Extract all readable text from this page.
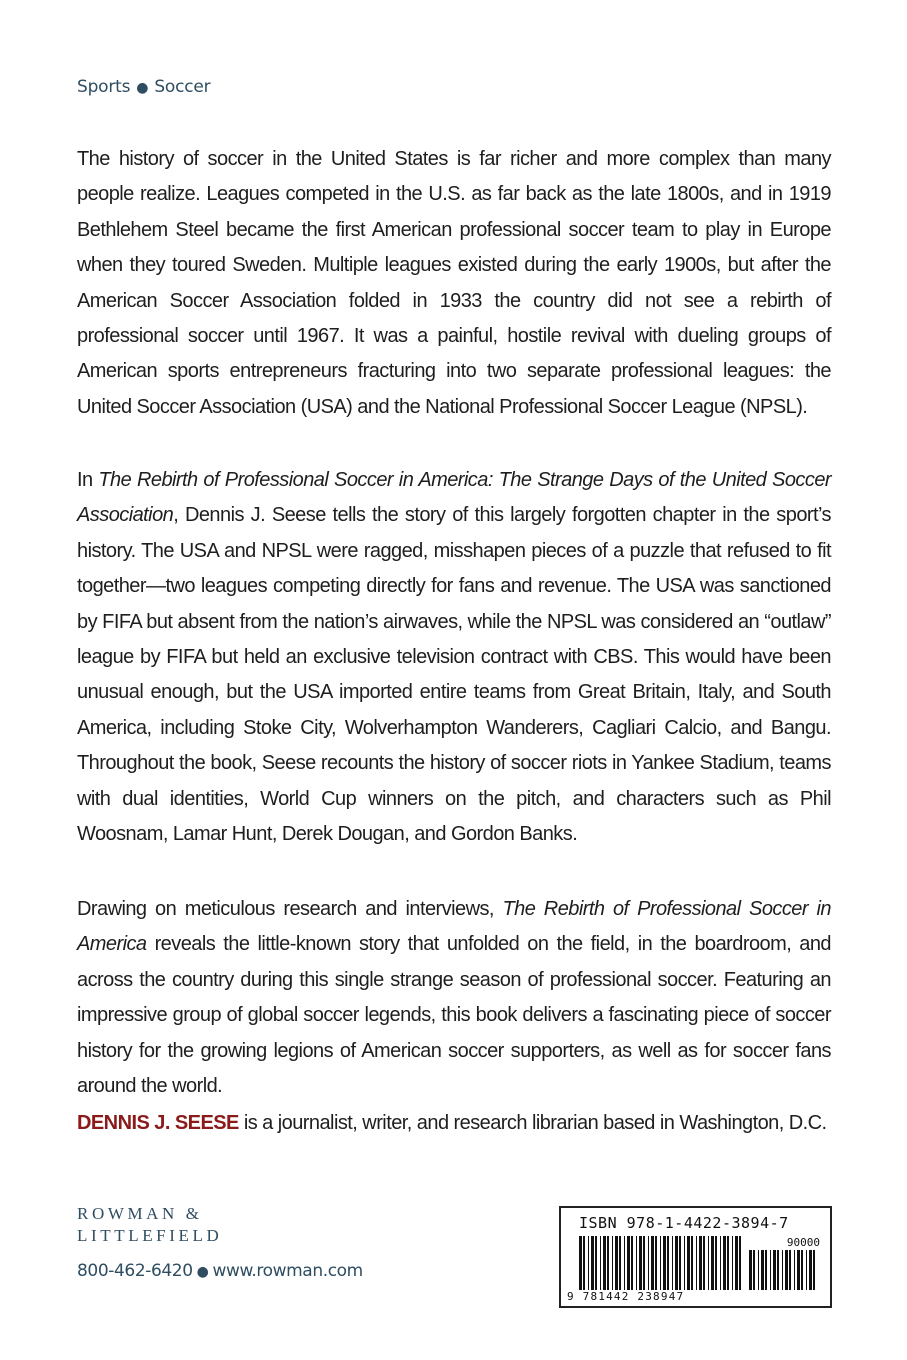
Sports ● Soccer

The history of soccer in the United States is far richer and more complex than many people realize. Leagues competed in the U.S. as far back as the late 1800s, and in 1919 Bethlehem Steel became the first American professional soccer team to play in Europe when they toured Sweden. Multiple leagues existed during the early 1900s, but after the American Soccer Association folded in 1933 the country did not see a rebirth of professional soccer until 1967. It was a painful, hostile revival with dueling groups of American sports entrepreneurs fracturing into two separate professional leagues: the United Soccer Association (USA) and the National Professional Soccer League (NPSL).

In The Rebirth of Professional Soccer in America: The Strange Days of the United Soccer Association, Dennis J. Seese tells the story of this largely forgotten chapter in the sport’s history. The USA and NPSL were ragged, misshapen pieces of a puzzle that refused to fit together—two leagues competing directly for fans and revenue. The USA was sanctioned by FIFA but absent from the nation’s airwaves, while the NPSL was considered an “outlaw” league by FIFA but held an exclusive television contract with CBS. This would have been unusual enough, but the USA imported entire teams from Great Britain, Italy, and South America, including Stoke City, Wolverhampton Wanderers, Cagliari Calcio, and Bangu. Throughout the book, Seese recounts the history of soccer riots in Yankee Stadium, teams with dual identities, World Cup winners on the pitch, and characters such as Phil Woosnam, Lamar Hunt, Derek Dougan, and Gordon Banks.

Drawing on meticulous research and interviews, The Rebirth of Professional Soccer in America reveals the little-known story that unfolded on the field, in the boardroom, and across the country during this single strange season of professional soccer. Featuring an impressive group of global soccer legends, this book delivers a fascinating piece of soccer history for the growing legions of American soccer supporters, as well as for soccer fans around the world.

DENNIS J. SEESE is a journalist, writer, and research librarian based in Washington, D.C.

ROWMAN &
LITTLEFIELD
800-462-6420 ● www.rowman.com
ISBN 978-1-4422-3894-7
90000
9 781442 238947
